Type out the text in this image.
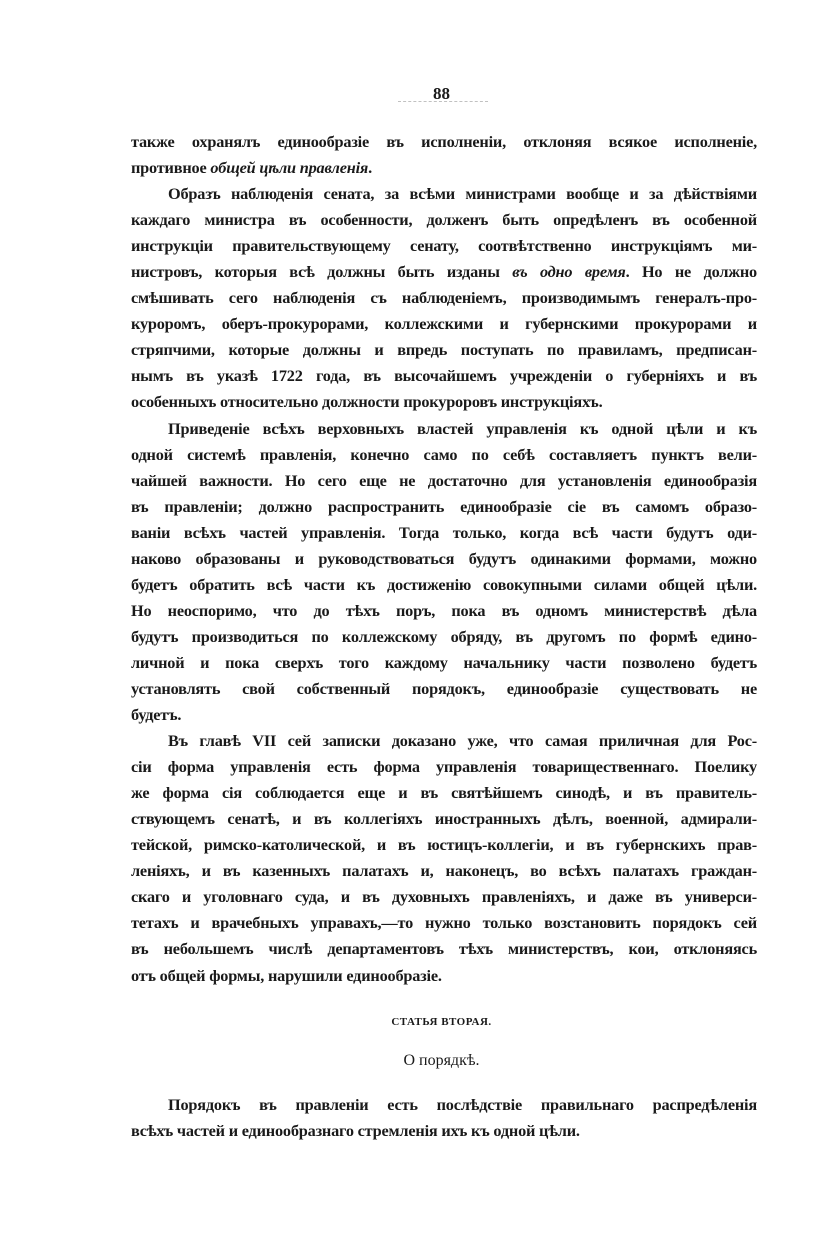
88
также охранялъ единообразіе въ исполненіи, отклоняя всякое исполненіе,
противное общей цѣли правленія.
Образъ наблюденія сената, за всѣми министрами вообще и за дѣйствіями
каждаго министра въ особенности, долженъ быть опредѣленъ въ особенной
инструкціи правительствующему сенату, соотвѣтственно инструкціямъ ми-
нистровъ, которыя всѣ должны быть изданы въ одно время. Но не должно
смѣшивать сего наблюденія съ наблюденіемъ, производимымъ генералъ-про-
куроромъ, оберъ-прокурорами, коллежскими и губернскими прокурорами и
стряпчими, которые должны и впредь поступать по правиламъ, предписан-
нымъ въ указѣ 1722 года, въ высочайшемъ учрежденіи о губерніяхъ и въ
особенныхъ относительно должности прокуроровъ инструкціяхъ.
Приведеніе всѣхъ верховныхъ властей управленія къ одной цѣли и къ
одной системѣ правленія, конечно само по себѣ составляетъ пунктъ вели-
чайшей важности. Но сего еще не достаточно для установленія единообразія
въ правленіи; должно распространить единообразіе сіе въ самомъ образо-
ваніи всѣхъ частей управленія. Тогда только, когда всѣ части будутъ оди-
наково образованы и руководствоваться будутъ одинакими формами, можно
будетъ обратить всѣ части къ достиженію совокупными силами общей цѣли.
Но неоспоримо, что до тѣхъ поръ, пока въ одномъ министерствѣ дѣла
будутъ производиться по коллежскому обряду, въ другомъ по формѣ едино-
личной и пока сверхъ того каждому начальнику части позволено будетъ
установлять свой собственный порядокъ, единообразіе существовать не
будетъ.
Въ главѣ VII сей записки доказано уже, что самая приличная для Рос-
сіи форма управленія есть форма управленія товарищественнаго. Поелику
же форма сія соблюдается еще и въ святѣйшемъ синодѣ, и въ правитель-
ствующемъ сенатѣ, и въ коллегіяхъ иностранныхъ дѣлъ, военной, адмирали-
тейской, римско-католической, и въ юстицъ-коллегіи, и въ губернскихъ прав-
леніяхъ, и въ казенныхъ палатахъ и, наконецъ, во всѣхъ палатахъ граждан-
скаго и уголовнаго суда, и въ духовныхъ правленіяхъ, и даже въ универси-
тетахъ и врачебныхъ управахъ,—то нужно только возстановить порядокъ сей
въ небольшемъ числѣ департаментовъ тѣхъ министерствъ, кои, отклоняясь
отъ общей формы, нарушили единообразіе.
СТАТЬЯ ВТОРАЯ.
О порядкѣ.
Порядокъ въ правленіи есть послѣдствіе правильнаго распредѣленія
всѣхъ частей и единообразнаго стремленія ихъ къ одной цѣли.
